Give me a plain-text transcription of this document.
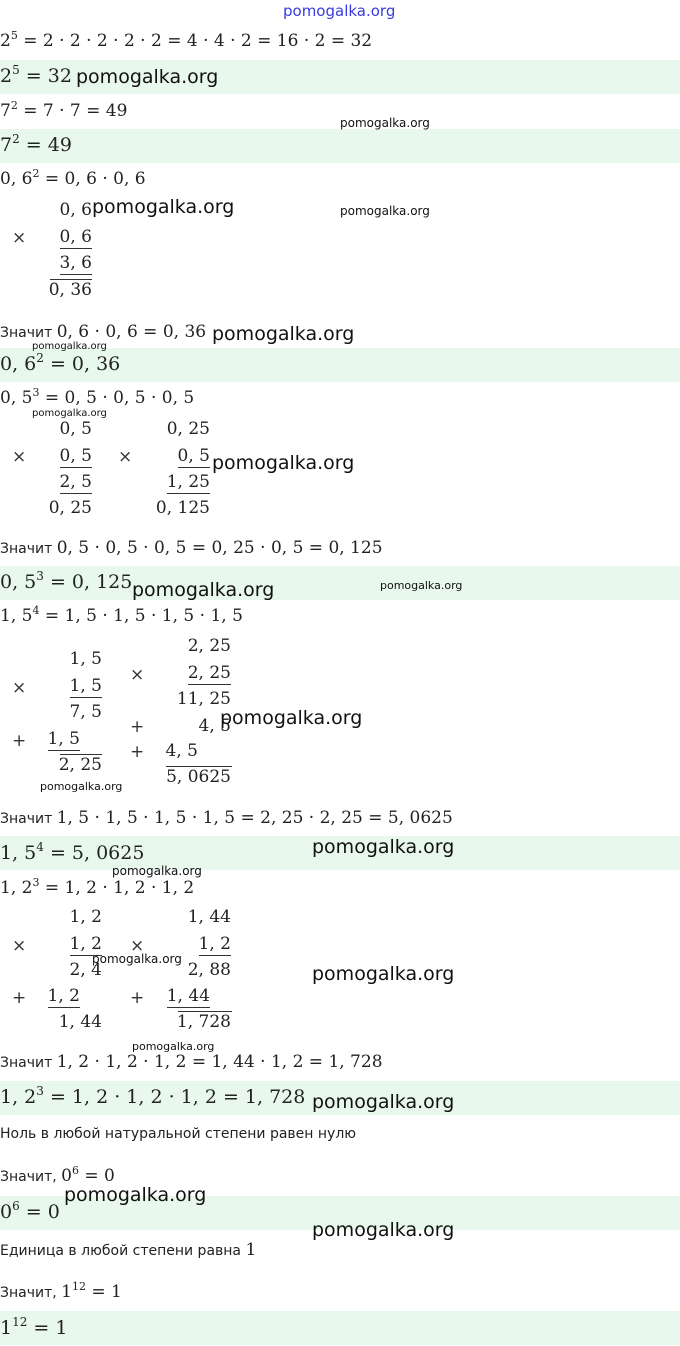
pomogalka.org
$2^5 = 2 \cdot 2 \cdot 2 \cdot 2 \cdot 2 = 4 \cdot 4 \cdot 2 = 16 \cdot 2 = 32$
$2^5 = 32$ pomogalka.org
$7^2 = 7 \cdot 7 = 49$
pomogalka.org
$7^2 = 49$
0, $6^2 = 0$, 6 · 0, 6
0, 6 pomogalka.org	pomogalka.org
× 0, 6
3, 6
0, 36
Значит 0, 6 · 0, 6 = 0, 36 pomogalka.org
pomogalka.org
0, $6^2 = 0$, 36
0, $5^3 = 0$, 5 · 0, 5 · 0, 5
pomogalka.org
0, 5
× 0, 5
2, 5
0, 25
0, 25
×	0, 5 pomogalka.org
1, 25
0, 125
Значит 0, 5 · 0, 5 · 0, 5 = 0, 25 · 0, 5 = 0, 125
0, $5^3 = 0$, 125 pomogalka.org	pomogalka.org
1, $5^4 = 1$, 5 · 1, 5 · 1, 5 · 1, 5
1, 5
×	1, 5
7, 5
+ 1, 5
2, 25
pomogalka.org
2, 25
×	2, 25
11, 25
+	4, 5
pomogalka.org
+ 4, 5
5, 0625
Значит 1, 5 · 1, 5 · 1, 5 · 1, 5 = 2, 25 · 2, 25 = 5, 0625
1, $5^4 = 5$, 0625	pomogalka.org
pomogalka.org
1, $2^3 = 1$, 2 · 1, 2 · 1, 2
1, 2
×	1, 2
pomogalka.org
2, 4
+ 1, 2
1, 44
1, 44
×	1, 2
2, 88	pomogalka.org
+ 1, 44
1, 728
pomogalka.org
Значит 1, 2 · 1, 2 · 1, 2 = 1, 44 · 1, 2 = 1, 728
1, $2^3 = 1$, 2 · 1, 2 · 1, 2 = 1, 728 pomogalka.org
Ноль в любой натуральной степени равен нулю
Значит, $0^6 = 0$
pomogalka.org
$0^6 = 0$
pomogalka.org
Единица в любой степени равна 1
Значит, $1^{12} = 1$
$1^{12} = 1$
